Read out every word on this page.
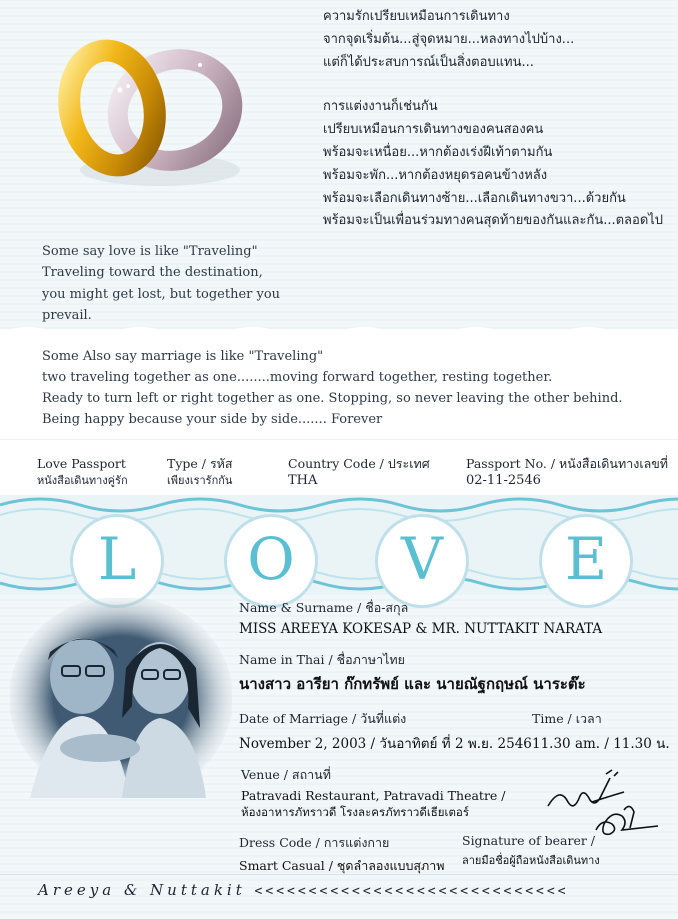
ความรักเปรียบเหมือนการเดินทาง
จากจุดเริ่มต้น...สู่จุดหมาย...หลงทางไปบ้าง...
แต่ก็ได้ประสบการณ์เป็นสิ่งตอบแทน...
การแต่งงานก็เช่นกัน
เปรียบเหมือนการเดินทางของคนสองคน
พร้อมจะเหนื่อย...หากต้องเร่งฝีเท้าตามกัน
พร้อมจะพัก...หากต้องหยุดรอคนข้างหลัง
พร้อมจะเลือกเดินทางซ้าย...เลือกเดินทางขวา...ด้วยกัน
พร้อมจะเป็นเพื่อนร่วมทางคนสุดท้ายของกันและกัน...ตลอดไป
Some say love is like "Traveling"
Traveling toward the destination,
you might get lost, but together you prevail.
Some Also say marriage is like "Traveling"
two traveling together as one........moving forward together, resting together.
Ready to turn left or right together as one. Stopping, so never leaving the other behind.
Being happy because your side by side....... Forever
Love Passport
หนังสือเดินทางคู่รัก
Type / รหัส
เพียงเรารักกัน
Country Code / ประเทศ
THA
Passport No. / หนังสือเดินทางเลขที่
02-11-2546
L	O	V	E
Name & Surname / ชื่อ-สกุล
MISS AREEYA KOKESAP & MR. NUTTAKIT NARATA
Name in Thai / ชื่อภาษาไทย
นางสาว อารียา ก๊กทรัพย์ และ นายณัฐกฤษณ์ นาระต๊ะ
Date of Marriage / วันที่แต่ง
November 2, 2003 / วันอาทิตย์ ที่ 2 พ.ย. 2546
Time / เวลา
11.30 am. / 11.30 น.
Venue / สถานที่
Patravadi Restaurant, Patravadi Theatre /
ห้องอาหารภัทราวดี โรงละครภัทราวดีเธียเตอร์
Dress Code / การแต่งกาย
Smart Casual / ชุดลำลองแบบสุภาพ
Signature of bearer /
ลายมือชื่อผู้ถือหนังสือเดินทาง
Areeya & Nuttakit <<<<<<<<<<<<<<<<<<<<<<<<<<<<<
